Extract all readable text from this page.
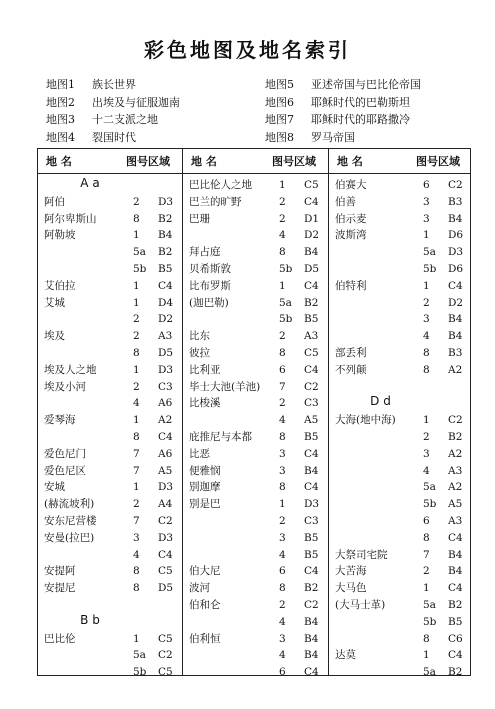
彩色地图及地名索引
地图1 族长世界
地图2 出埃及与征服迦南
地图3 十二支派之地
地图4 裂国时代
地图5 亚述帝国与巴比伦帝国
地图6 耶稣时代的巴勒斯坦
地图7 耶稣时代的耶路撒冷
地图8 罗马帝国
地 名	图号区域
A a
阿伯	2 D3
阿尔卑斯山	8 B2
阿勒坡	1 B4
5a B2
5b B5
艾伯拉	1 C4
艾城	1 D4
2 D2
埃及	2 A3
8 D5
埃及人之地	1 D3
埃及小河	2 C3
4 A6
爱琴海	1 A2
8 C4
爱色尼门	7 A6
爱色尼区	7 A5
安城	1 D3
(赫流坡利)	2 A4
安东尼营楼	7 C2
安曼(拉巴)	3 D3
4 C4
安提阿	8 C5
安提尼	8 D5
B b
巴比伦	1 C5
5a C2
5b C5
地 名	图号区域
巴比伦人之地	1 C5
巴兰的旷野	2 C4
巴珊	2 D1
4 D2
拜占庭	8 B4
贝希斯敦	5b D5
比布罗斯	1 C4
(迦巴勒)	5a B2
5b B5
比东	2 A3
彼拉	8 C5
比利亚	6 C4
毕士大池(羊池) 7 C2
比梭溪	2 C3
4 A5
庇推尼与本都	8 B5
比恶	3 C4
便雅悯	3 B4
别迦摩	8 C4
别是巴	1 D3
2 C3
3 B5
4 B5
伯大尼	6 C4
波河	8 B2
伯和仑	2 C2
4 B4
伯利恒	3 B4
4 B4
6 C4
地 名	图号区域
伯赛大	6 C2
伯善	3 B3
伯示麦	3 B4
波斯湾	1 D6
5a D3
5b D6
伯特利	1 C4
2 D2
3 B4
4 B4
部丢利	8 B3
不列颠	8 A2
D d
大海(地中海)	1 C2
2 B2
3 A2
4 A3
5a A2
5b A5
6 A3
8 C4
大祭司宅院	7 B4
大苦海	2 B4
大马色	1 C4
(大马士革)	5a B2
5b B5
8 C6
达莫	1 C4
5a B2
